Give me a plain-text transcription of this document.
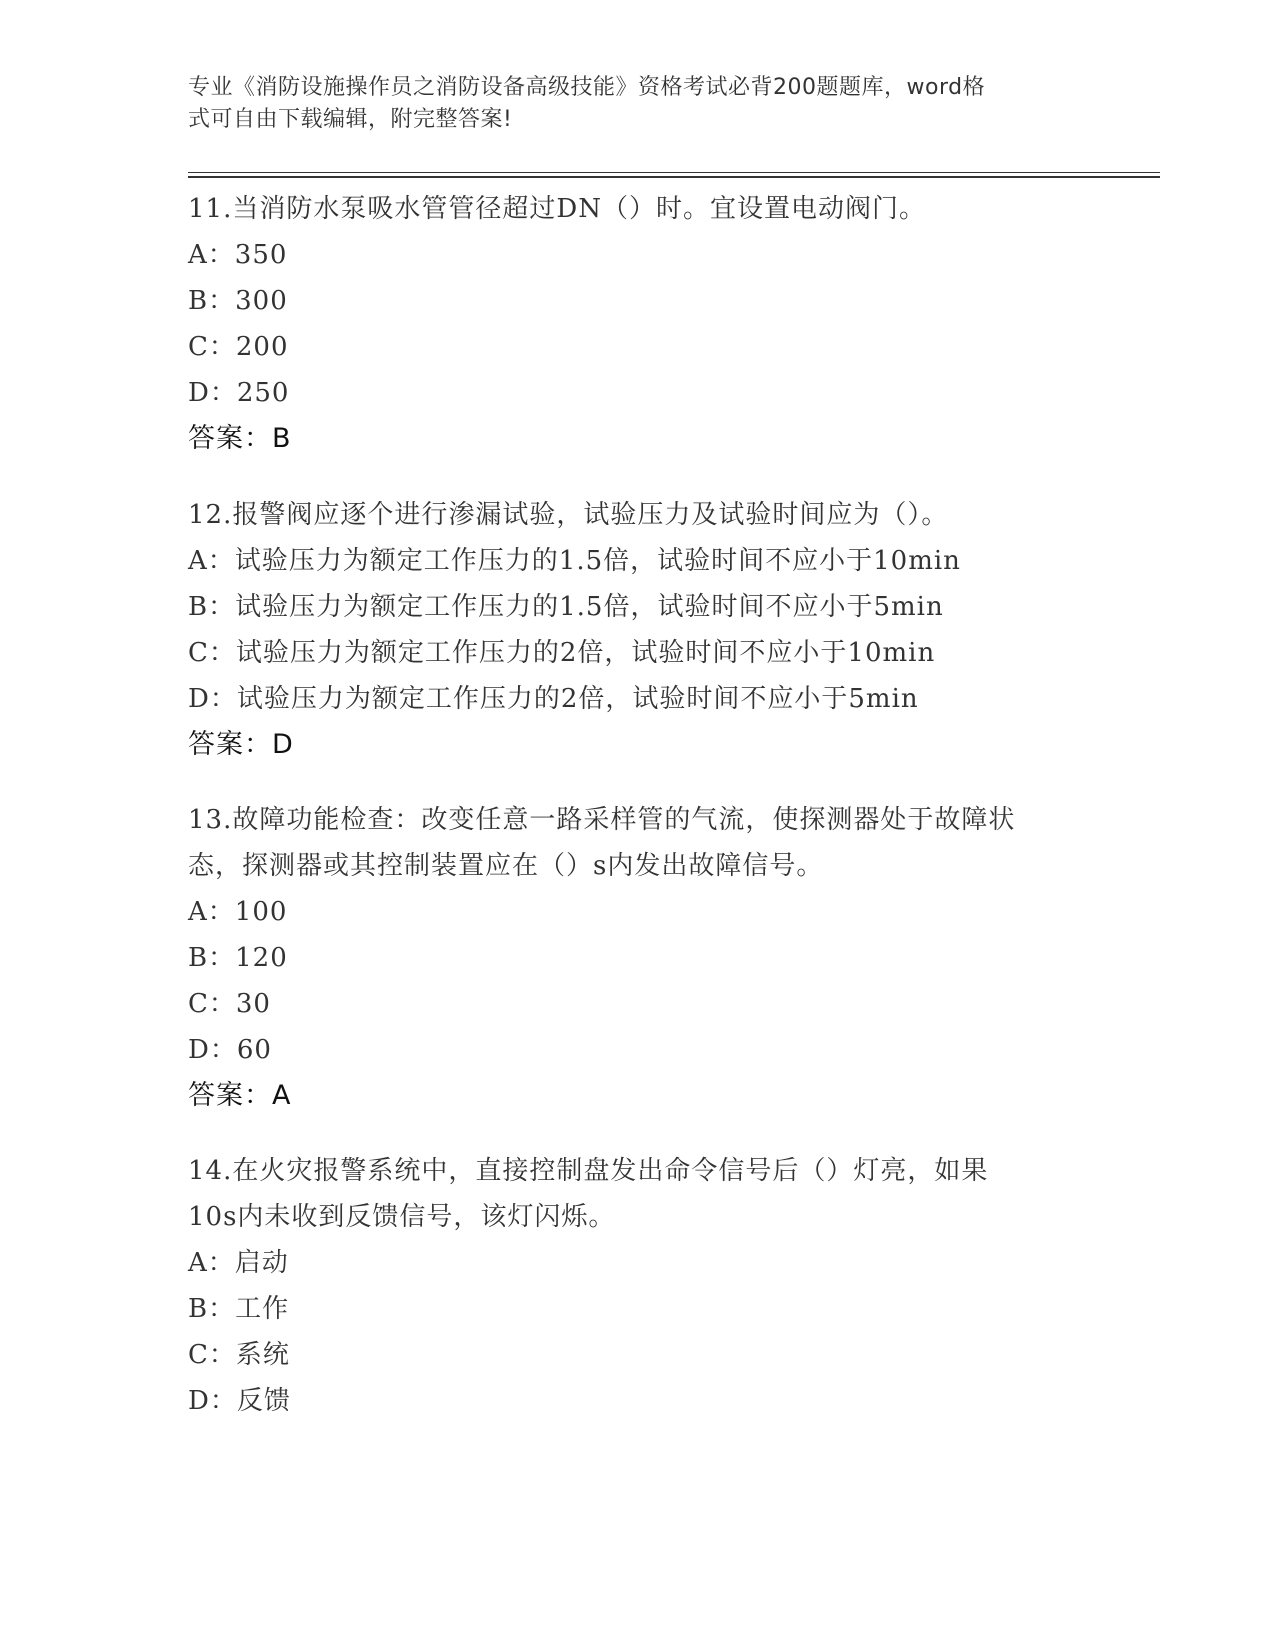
专业《消防设施操作员之消防设备高级技能》资格考试必背200题题库，word格
式可自由下载编辑，附完整答案!
11.当消防水泵吸水管管径超过DN（）时。宜设置电动阀门。
A：350
B：300
C：200
D：250
答案：B
12.报警阀应逐个进行渗漏试验，试验压力及试验时间应为（）。
A：试验压力为额定工作压力的1.5倍，试验时间不应小于10min
B：试验压力为额定工作压力的1.5倍，试验时间不应小于5min
C：试验压力为额定工作压力的2倍，试验时间不应小于10min
D：试验压力为额定工作压力的2倍，试验时间不应小于5min
答案：D
13.故障功能检查：改变任意一路采样管的气流，使探测器处于故障状
态，探测器或其控制装置应在（）s内发出故障信号。
A：100
B：120
C：30
D：60
答案：A
14.在火灾报警系统中，直接控制盘发出命令信号后（）灯亮，如果
10s内未收到反馈信号，该灯闪烁。
A：启动
B：工作
C：系统
D：反馈
